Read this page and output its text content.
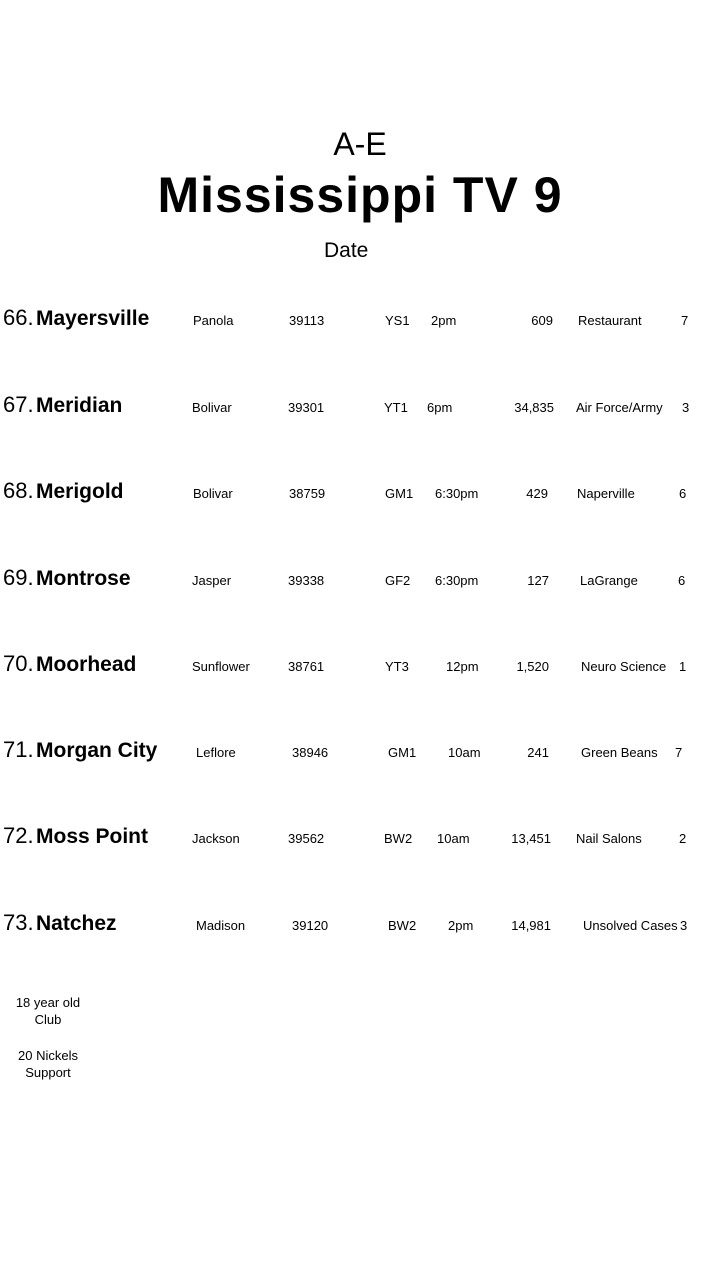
A-E
Mississippi TV 9
Date
66. Mayersville	Panola	39113	YS1 2pm	609 Restaurant	7
67. Meridian	Bolivar	39301	YT1 6pm	34,835 Air Force/Army 3
68. Merigold	Bolivar	38759	GM1 6:30pm	429 Naperville	6
69. Montrose	Jasper	39338	GF2 6:30pm	127 LaGrange	6
70. Moorhead	Sunflower	38761	YT3	12pm	1,520 Neuro Science 1
71. Morgan City	Leflore	38946	GM1 10am	241 Green Beans 7
72. Moss Point	Jackson	39562	BW2 10am	13,451 Nail Salons	2
73. Natchez	Madison	39120	BW2 2pm	14,981 Unsolved Cases 3
18 year old
Club
20 Nickels
Support
